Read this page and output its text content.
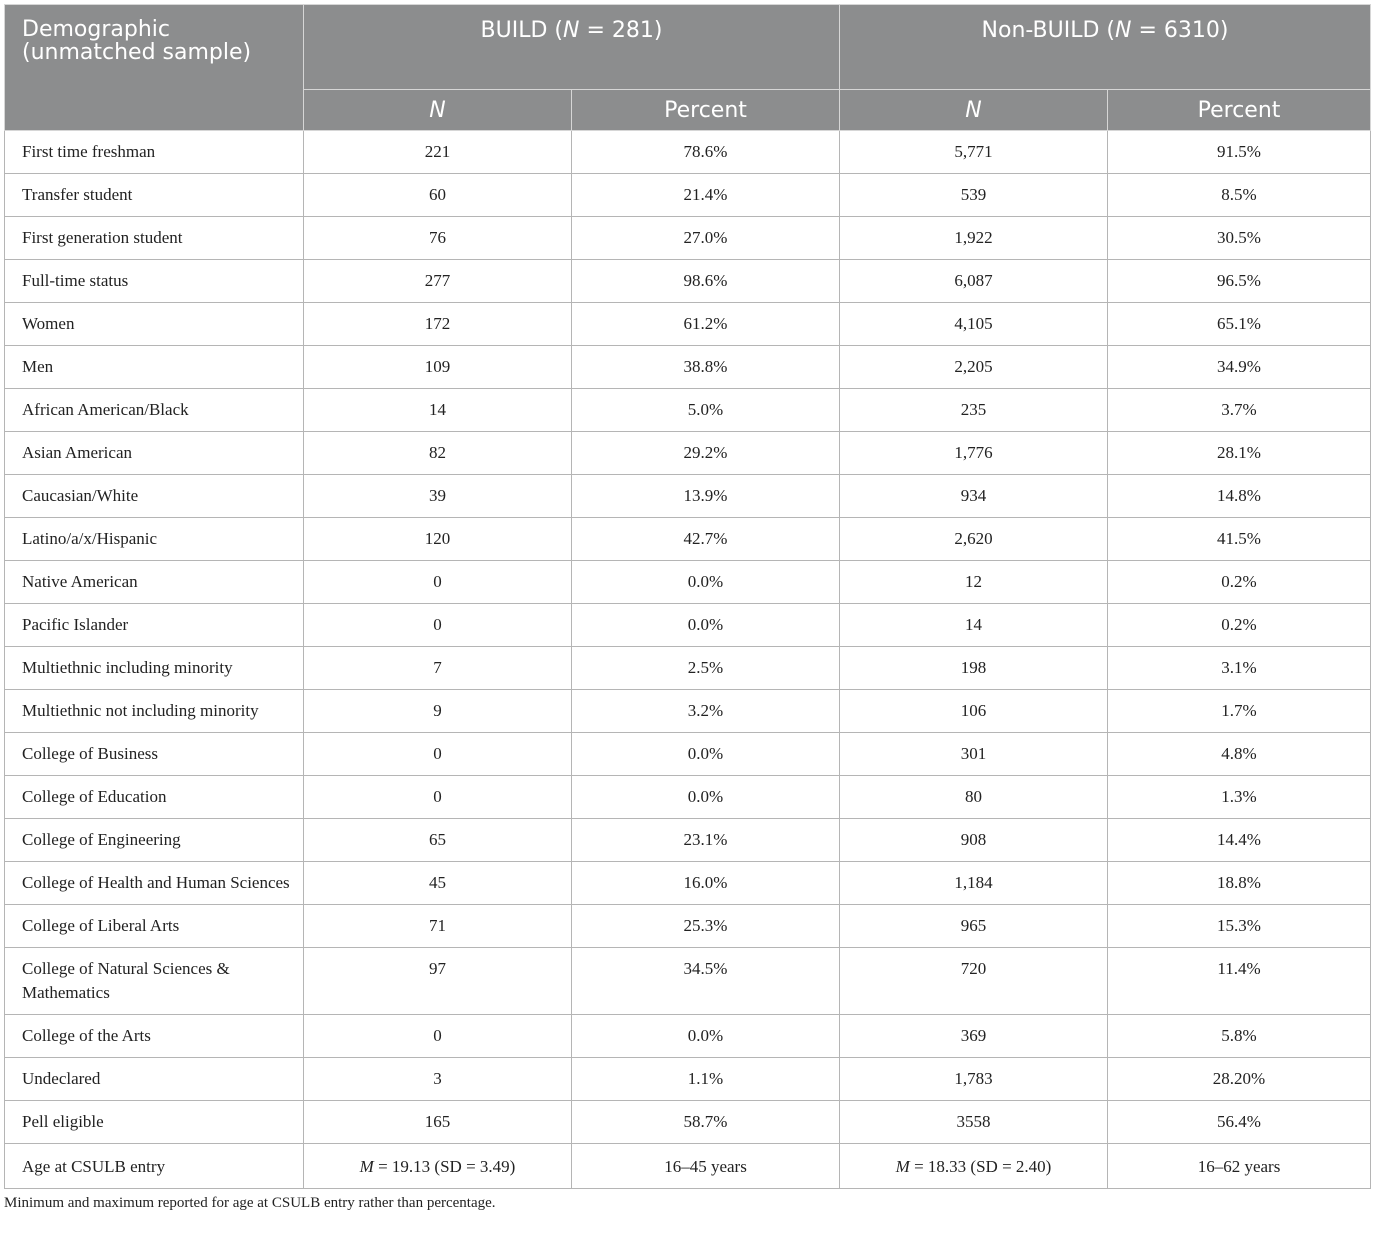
Demographic (unmatched sample)	BUILD (N = 281)		Non-BUILD (N = 6310)	
	N	Percent	N	Percent
First time freshman	221	78.6%	5,771	91.5%
Transfer student	60	21.4%	539	8.5%
First generation student	76	27.0%	1,922	30.5%
Full-time status	277	98.6%	6,087	96.5%
Women	172	61.2%	4,105	65.1%
Men	109	38.8%	2,205	34.9%
African American/Black	14	5.0%	235	3.7%
Asian American	82	29.2%	1,776	28.1%
Caucasian/White	39	13.9%	934	14.8%
Latino/a/x/Hispanic	120	42.7%	2,620	41.5%
Native American	0	0.0%	12	0.2%
Pacific Islander	0	0.0%	14	0.2%
Multiethnic including minority	7	2.5%	198	3.1%
Multiethnic not including minority	9	3.2%	106	1.7%
College of Business	0	0.0%	301	4.8%
College of Education	0	0.0%	80	1.3%
College of Engineering	65	23.1%	908	14.4%
College of Health and Human Sciences	45	16.0%	1,184	18.8%
College of Liberal Arts	71	25.3%	965	15.3%
College of Natural Sciences & Mathematics	97	34.5%	720	11.4%
College of the Arts	0	0.0%	369	5.8%
Undeclared	3	1.1%	1,783	28.20%
Pell eligible	165	58.7%	3558	56.4%
Age at CSULB entry	M = 19.13 (SD = 3.49)	16–45 years	M = 18.33 (SD = 2.40)	16–62 years
Minimum and maximum reported for age at CSULB entry rather than percentage.
